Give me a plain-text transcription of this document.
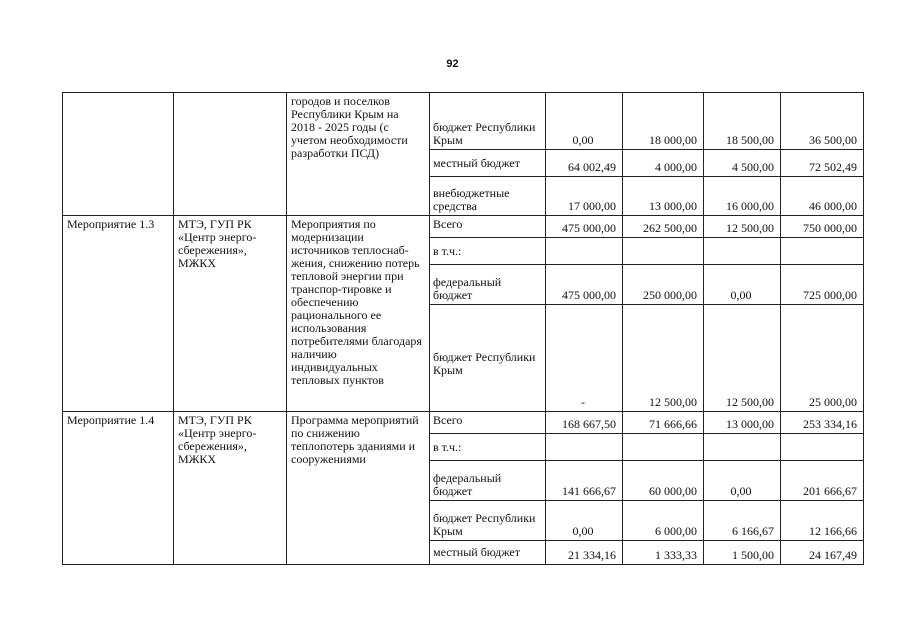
92
		городов и поселков Республики Крым на 2018 - 2025 годы (с учетом необходимости разработки ПСД)	бюджет Республики Крым	0,00	18 000,00	18 500,00	36 500,00
			местный бюджет	64 002,49	4 000,00	4 500,00	72 502,49
			внебюджетные средства	17 000,00	13 000,00	16 000,00	46 000,00
Мероприятие 1.3	МТЭ, ГУП РК «Центр энерго-сбережения», МЖКХ	Мероприятия по модернизации источников теплоснаб-жения, снижению потерь тепловой энергии при транспор-тировке и обеспечению рационального ее использования потребителями благодаря наличию индивидуальных тепловых пунктов	Всего	475 000,00	262 500,00	12 500,00	750 000,00
			в т.ч.:				
			федеральный бюджет	475 000,00	250 000,00	0,00	725 000,00
			бюджет Республики Крым	-	12 500,00	12 500,00	25 000,00
Мероприятие 1.4	МТЭ, ГУП РК «Центр энерго-сбережения», МЖКХ	Программа мероприятий по снижению теплопотерь зданиями и сооружениями	Всего	168 667,50	71 666,66	13 000,00	253 334,16
			в т.ч.:				
			федеральный бюджет	141 666,67	60 000,00	0,00	201 666,67
			бюджет Республики Крым	0,00	6 000,00	6 166,67	12 166,66
			местный бюджет	21 334,16	1 333,33	1 500,00	24 167,49
